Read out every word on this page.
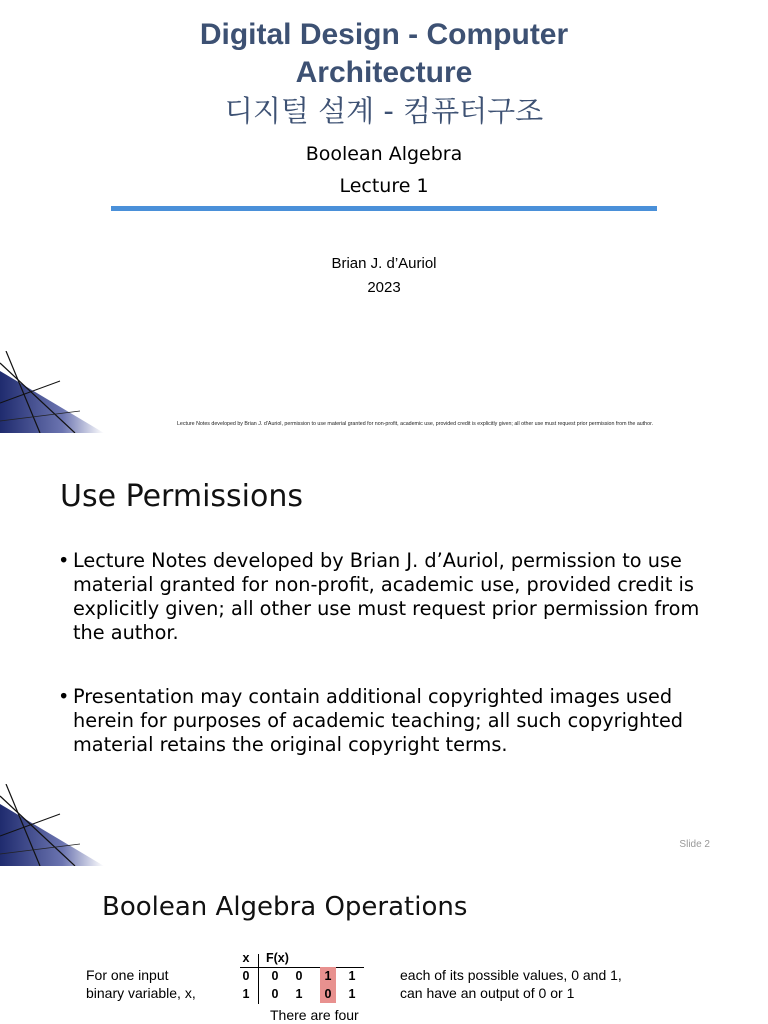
Digital Design - Computer
Architecture
디지털 설계 - 컴퓨터구조
Boolean Algebra
Lecture 1
Brian J. d’Auriol
2023
Lecture Notes developed by Brian J. d’Auriol, permission to use material granted for non-profit, academic use, provided credit is explicitly given; all other use must request prior permission from the author.
Use Permissions
• Lecture Notes developed by Brian J. d’Auriol, permission to use material granted for non-profit, academic use, provided credit is explicitly given; all other use must request prior permission from the author.
• Presentation may contain additional copyrighted images used herein for purposes of academic teaching; all such copyrighted material retains the original copyright terms.
Slide 2
Boolean Algebra Operations
For one input
binary variable, x,
x	F(x)
0	0	0	1	1
1	0	1	0	1
each of its possible values, 0 and 1,
can have an output of 0 or 1
There are four
